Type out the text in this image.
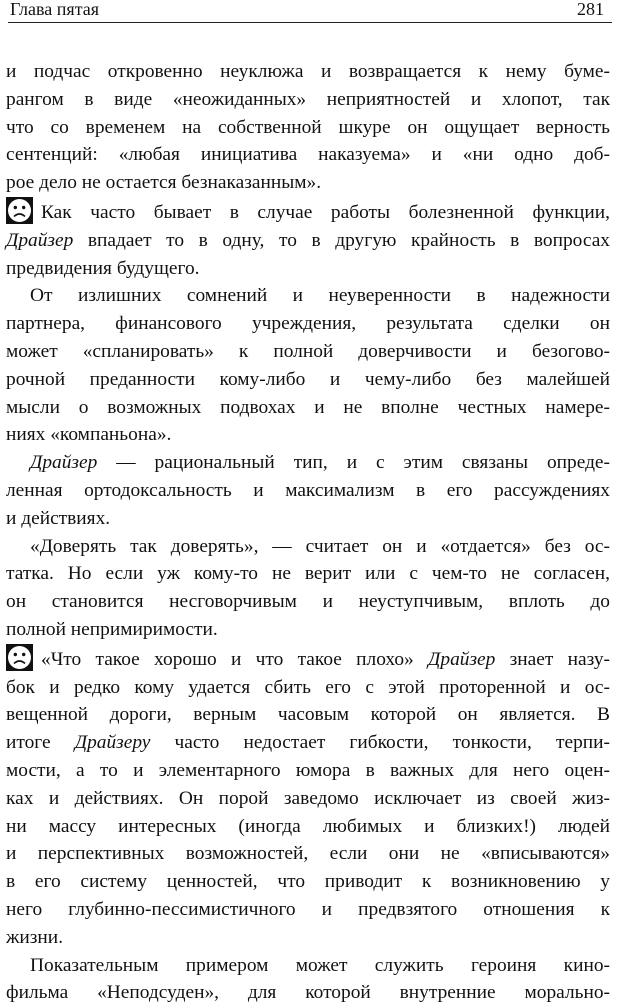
Глава пятая	281

и подчас откровенно неуклюжа и возвращается к нему буме-

рангом в виде «неожиданных» неприятностей и хлопот, так

что со временем на собственной шкуре он ощущает верность

сентенций: «любая инициатива наказуема» и «ни одно доб-

рое дело не остается безнаказанным».

Как часто бывает в случае работы болезненной функции,

Драйзер впадает то в одну, то в другую крайность в вопросах

предвидения будущего.

От излишних сомнений и неуверенности в надежности

партнера, финансового учреждения, результата сделки он

может «спланировать» к полной доверчивости и безогово-

рочной преданности кому-либо и чему-либо без малейшей

мысли о возможных подвохах и не вполне честных намере-

ниях «компаньона».

Драйзер — рациональный тип, и с этим связаны опреде-

ленная ортодоксальность и максимализм в его рассуждениях

и действиях.

«Доверять так доверять», — считает он и «отдается» без ос-

татка. Но если уж кому-то не верит или с чем-то не согласен,

он становится несговорчивым и неуступчивым, вплоть до

полной непримиримости.

«Что такое хорошо и что такое плохо» Драйзер знает назу-

бок и редко кому удается сбить его с этой проторенной и ос-

вещенной дороги, верным часовым которой он является. В

итоге Драйзеру часто недостает гибкости, тонкости, терпи-

мости, а то и элементарного юмора в важных для него оцен-

ках и действиях. Он порой заведомо исключает из своей жиз-

ни массу интересных (иногда любимых и близких!) людей

и перспективных возможностей, если они не «вписываются»

в его систему ценностей, что приводит к возникновению у

него глубинно-пессимистичного и предвзятого отношения к

жизни.

Показательным примером может служить героиня кино-

фильма «Неподсуден», для которой внутренние морально-
